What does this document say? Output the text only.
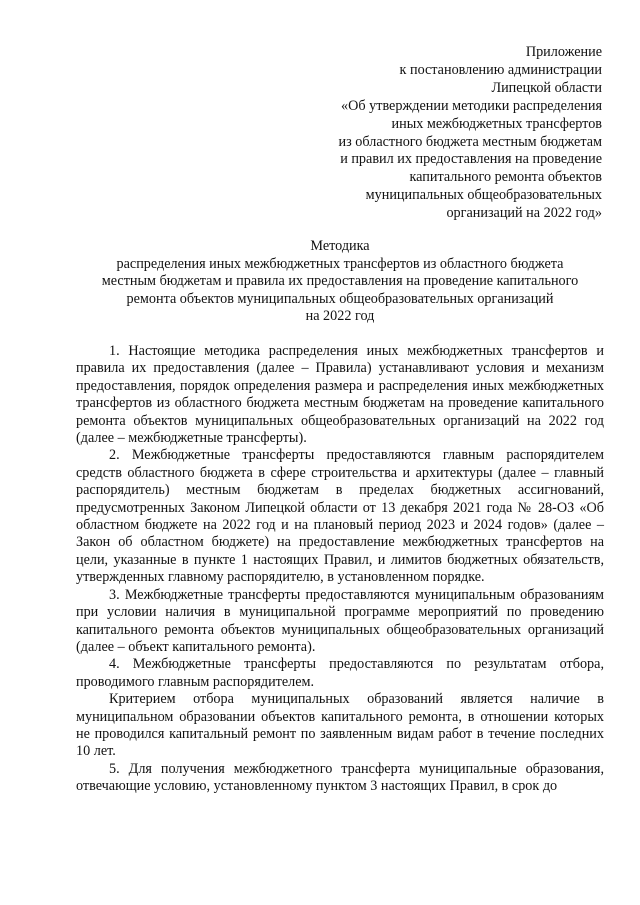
Приложение
к постановлению администрации
Липецкой области
«Об утверждении методики распределения
иных межбюджетных трансфертов
из областного бюджета местным бюджетам
и правил их предоставления на проведение
капитального ремонта объектов
муниципальных общеобразовательных
организаций на 2022 год»
Методика
распределения иных межбюджетных трансфертов из областного бюджета
местным бюджетам и правила их предоставления на проведение капитального
ремонта объектов муниципальных общеобразовательных организаций
на 2022 год

1. Настоящие методика распределения иных межбюджетных трансфертов и правила их предоставления (далее – Правила) устанавливают условия и механизм предоставления, порядок определения размера и распределения иных межбюджетных трансфертов из областного бюджета местным бюджетам на проведение капитального ремонта объектов муниципальных общеобразовательных организаций на 2022 год (далее – межбюджетные трансферты).

2. Межбюджетные трансферты предоставляются главным распорядителем средств областного бюджета в сфере строительства и архитектуры (далее – главный распорядитель) местным бюджетам в пределах бюджетных ассигнований, предусмотренных Законом Липецкой области от 13 декабря 2021 года № 28-ОЗ «Об областном бюджете на 2022 год и на плановый период 2023 и 2024 годов» (далее – Закон об областном бюджете) на предоставление межбюджетных трансфертов на цели, указанные в пункте 1 настоящих Правил, и лимитов бюджетных обязательств, утвержденных главному распорядителю, в установленном порядке.

3. Межбюджетные трансферты предоставляются муниципальным образованиям при условии наличия в муниципальной программе мероприятий по проведению капитального ремонта объектов муниципальных общеобразовательных организаций (далее – объект капитального ремонта).

4. Межбюджетные трансферты предоставляются по результатам отбора, проводимого главным распорядителем.

Критерием отбора муниципальных образований является наличие в муниципальном образовании объектов капитального ремонта, в отношении которых не проводился капитальный ремонт по заявленным видам работ в течение последних 10 лет.

5. Для получения межбюджетного трансферта муниципальные образования, отвечающие условию, установленному пунктом 3 настоящих Правил, в срок до
